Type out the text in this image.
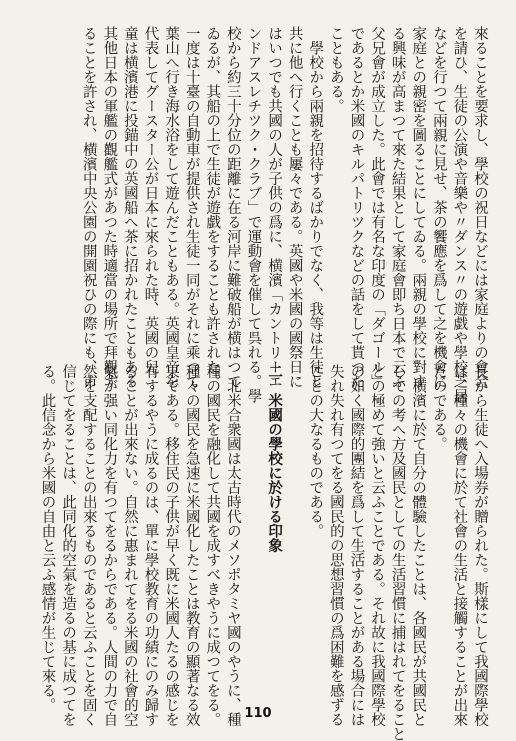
來ることを要求し、學校の祝日などには家庭よりの會合

を請ひ、生徒の公演や音樂や〃ダンス〃の遊戯や學校芝居

などを行つて兩親に見せ、茶の饗應を爲して之を機會に

家庭との親密を圖ることにしてゐる。兩親の學校に對す

る興味が高まつて來た結果として家庭會即ち日本で云ふ

父兄會が成立した。此會では有名な印度の「ダゴール」

であるとか米國のキルパトリツクなどの話をして貰つた

こともある。

　學校から兩親を招待するばかりでなく、我等は生徒と

共に他へ行くことも屢々である。英國や米國の國祭日に

はいつでも共國の人が子供の爲に、横濱「カントリーエ

ンドアスレチツク・クラブ」で運動會を催して呉れる。學

校から約三十分位の距離に在る河岸に難破船が横はつて

ゐるが、其船の上で生徒が遊戯をすることも許された。

一度は十臺の自動車が提供され生徒一同がそれに乘つて

葉山へ行き海水浴をして遊んだこともある。英國皇帝を

代表してグースター公が日本に來られた時、英國の兒

童は横濱港に投錨中の英國船へ茶に招かれたこともある

其他日本の軍艦の觀艦式があつた時適當の場所で拜觀す

ることを許され、横濱中央公園の開園祝ひの際にも、市

長から生徒へ入場券が贈られた。斯樣にして我國際學校

は、種々の機會に於て社會の生活と接觸することが出來

たのである。

　横濱に於て自分の體驗したことは、各國民が共國民と

しての考へ方及國民としての生活習慣に捕はれてをること

との極めて強いと云ふことである。それ故に我國際學校

の如く國際的團結を爲して生活することがある場合には

失れ失れ有つてをる國民的の思想習慣の爲困難を感ずる

ことの大なるものである。

二　米國の學校に於ける印象

　北米合衆國は太古時代のメソポタミヤ國のやうに、種

種の國民を融化して共國を成すべきやうに成つてをる。

種々の國民を急速に米國化したことは教育の顯著なる效

果である。移住民の子供が早く既に米國人たるの感じを

有するやうに成るのは、單に學校教育の功績にのみ歸す

ることが出來ない。自然に惠まれてをる米國の社會的空

氣が强い同化力を有つてをるからである。人間の力で自

然を支配することの出來るものであると云ふことを固く

信じてをることは、此同化的空氣を造るの基に成つてを

る。此信念から米國の自由と云ふ感情が生じて來る。

110
